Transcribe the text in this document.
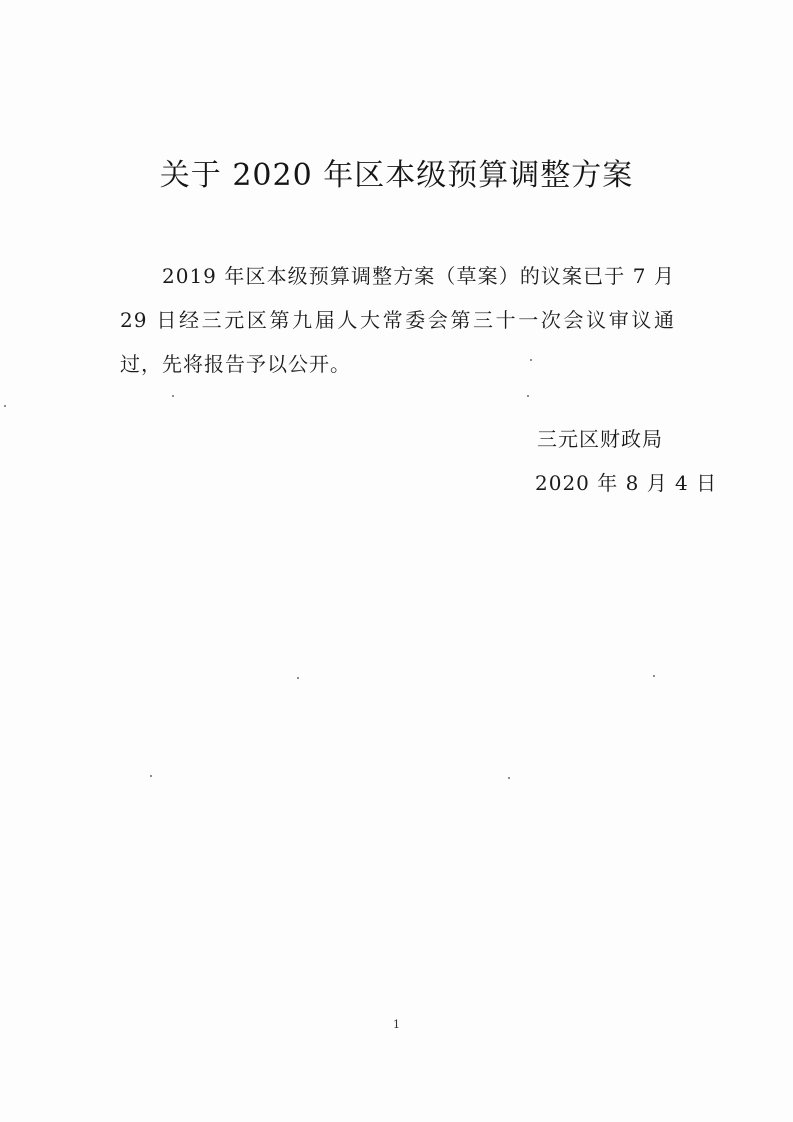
关于 2020 年区本级预算调整方案
2019 年区本级预算调整方案（草案）的议案已于 7 月 29 日经三元区第九届人大常委会第三十一次会议审议通过，先将报告予以公开。
三元区财政局
2020 年 8 月 4 日
1
